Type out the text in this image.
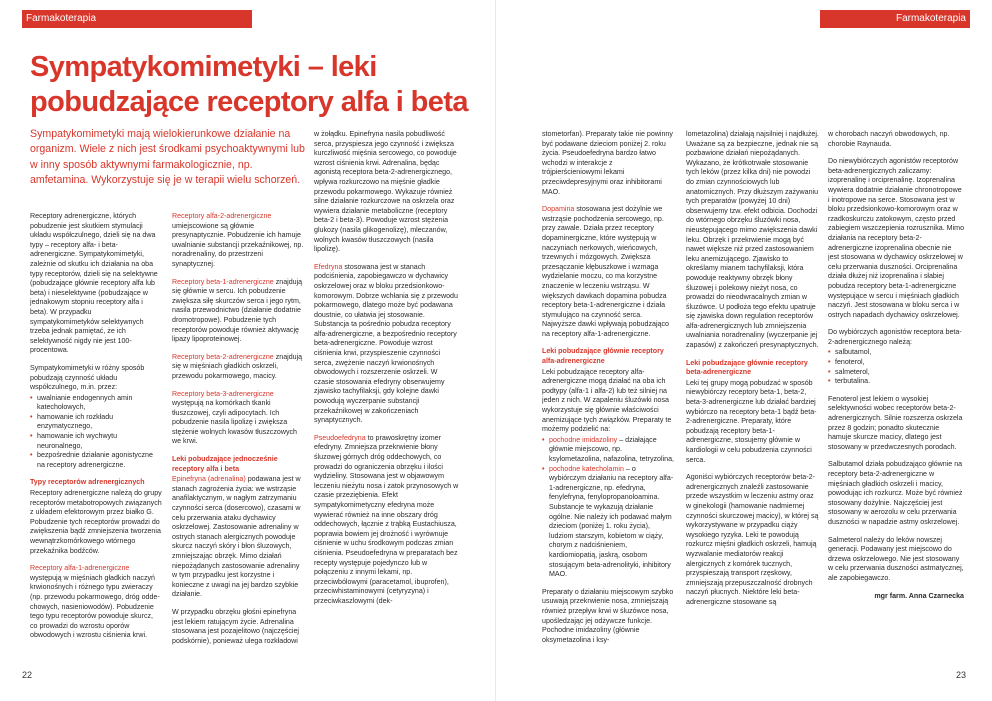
Farmakoterapia
Sympatykomimetyki – leki pobudzające receptory alfa i beta

Sympatykomimetyki mają wielokierunkowe działanie na organizm. Wiele z nich jest środkami psychoaktywnymi lub w inny sposób aktywnymi farmakologicznie, np. amfetamina. Wykorzystuje się je w terapii wielu schorzeń.

Receptory adrenergiczne, których pobudzenie jest skutkiem stymulacji układu współczulnego, dzieli się na dwa typy – receptory alfa- i beta-adrenergiczne. Sympatykomimetyki, zależnie od skutku ich działania na oba typy receptorów, dzieli się na selektywne (pobudzające głównie receptory alfa lub beta) i nieselektywne (pobudzające w jednakowym stopniu receptory alfa i beta). W przypadku sympatykomimetyków selektywnych trzeba jednak pamiętać, że ich selektywność nigdy nie jest 100-procentowa.

Sympatykomimetyki w różny sposób pobudzają czynność układu współczulnego, m.in. przez:

• uwalnianie endogennych amin katecholowych,
• hamowanie ich rozkładu enzymatycznego,
• hamowanie ich wychwytu neuronalnego,
• bezpośrednie działanie agonistyczne na receptory adrenergiczne.
Typy receptorów adrenergicznych

Receptory adrenergiczne należą do grupy receptorów metabotropowych związanych z układem efektorowym przez białko G. Pobudzenie tych receptorów prowadzi do zwiększenia bądź zmniejszenia tworzenia wewnątrzkomórkowego wtórnego przekaźnika bodźców.

Receptory alfa-1-adrenergiczne występują w mięśniach gładkich naczyń krwionośnych i różnego typu zwieraczy (np. przewodu pokarmowego, dróg oddechowych, nasieniowodów). Pobudzenie tego typu receptorów powoduje skurcz, co prowadzi do wzrostu oporów obwodowych i wzrostu ciśnienia krwi.

Receptory alfa-2-adrenergiczne umiejscowione są głównie presynaptycznie. Pobudzenie ich hamuje uwalnianie substancji przekaźnikowej, np. noradrenaliny, do przestrzeni synaptycznej.

Receptory beta-1-adrenergiczne znajdują się głównie w sercu. Ich pobudzenie zwiększa siłę skurczów serca i jego rytm, nasila przewodnictwo (działanie dodatnie dromotropowe). Pobudzenie tych receptorów powoduje również aktywację lipazy lipoproteinowej.

Receptory beta-2-adrenergiczne znajdują się w mięśniach gładkich oskrzeli, przewodu pokarmowego, macicy.

Receptory beta-3-adrenergiczne występują na komórkach tkanki tłuszczowej, czyli adipocytach. Ich pobudzenie nasila lipolizę i zwiększa stężenie wolnych kwasów tłuszczowych we krwi.

Leki pobudzające jednocześnie receptory alfa i beta

Epinefryna (adrenalina) podawana jest w stanach zagrożenia życia: we wstrząsie anafilaktycznym, w nagłym zatrzymaniu czynności serca (dosercowo), czasami w celu przerwania ataku dychawicy oskrzelowej. Zastosowanie adrenaliny w ostrych stanach alergicznych powoduje skurcz naczyń skóry i błon śluzowych, zmniejszając obrzęk. Mimo działań niepożądanych zastosowanie adrenaliny w tym przypadku jest korzystne i konieczne z uwagi na jej bardzo szybkie działanie.

W przypadku obrzęku głośni epinefryna jest lekiem ratującym życie. Adrenalina stosowana jest pozajelitowo (najczęściej podskórnie), ponieważ ulega rozkładowi

w żołądku. Epinefryna nasila pobudliwość serca, przyspiesza jego czynność i zwiększa kurczliwość mięśnia sercowego, co powoduje wzrost ciśnienia krwi. Adrenalina, będąc agonistą receptora beta-2-adrenergicznego, wpływa rozkurczowo na mięśnie gładkie przewodu pokarmowego. Wykazuje również silne działanie rozkurczowe na oskrzela oraz wywiera działanie metaboliczne (receptory beta-2 i beta-3). Powoduje wzrost stężenia glukozy (nasila glikogenolizę), mleczanów, wolnych kwasów tłuszczowych (nasila lipolizę).

Efedryna stosowana jest w stanach podciśnienia, zapobiegawczo w dychawicy oskrzelowej oraz w bloku przedsionkowo-komorowym. Dobrze wchłania się z przewodu pokarmowego, dlatego może być podawana doustnie, co ułatwia jej stosowanie. Substancja ta pośrednio pobudza receptory alfa-adrenergiczne, a bezpośrednio receptory beta-adrenergiczne. Powoduje wzrost ciśnienia krwi, przyspieszenie czynności serca, zwężenie naczyń krwionośnych obwodowych i rozszerzenie oskrzeli. W czasie stosowania efedryny obserwujemy zjawisko tachyfilaksji, gdy kolejne dawki powodują wyczerpanie substancji przekaźnikowej w zakończeniach synaptycznych.

Pseudoefedryna to prawoskrętny izomer efedryny. Zmniejsza przekrwienie błony śluzowej górnych dróg oddechowych, co prowadzi do ograniczenia obrzęku i ilości wydzieliny. Stosowana jest w objawowym leczeniu nieżytu nosa i zatok przynosowych w czasie przeziębienia. Efekt sympatykomimetyczny efedryna może wywierać również na inne obszary dróg oddechowych, łącznie z trąbką Eustachiusza, poprawia bowiem jej drożność i wyrównuje ciśnienie w uchu środkowym podczas zmian ciśnienia. Pseudoefedryna w preparatach bez recepty występuje pojedynczo lub w połączeniu z innymi lekami, np. przeciwbólowymi (paracetamol, ibuprofen), przeciwhistaminowymi (cetyryzyna) i przeciwkaszlowymi (dek-

22
Farmakoterapia

stometorfan). Preparaty takie nie powinny być podawane dzieciom poniżej 2. roku życia. Pseudoefedryna bardzo łatwo wchodzi w interakcje z trójpierścieniowymi lekami przeciwdepresyjnymi oraz inhibitorami MAO.

Dopamina stosowana jest dożylnie we wstrząsie pochodzenia sercowego, np. przy zawale. Działa przez receptory dopaminergiczne, które występują w naczyniach nerkowych, wieńcowych, trzewnych i mózgowych. Zwiększa przesączanie kłębuszkowe i wzmaga wydzielanie moczu, co ma korzystne znaczenie w leczeniu wstrząsu. W większych dawkach dopamina pobudza receptory beta-1-adrenergiczne i działa stymulująco na czynność serca. Najwyższe dawki wpływają pobudzająco na receptory alfa-1-adrenergiczne.

Leki pobudzające głównie receptory alfa-adrenergiczne

Leki pobudzające receptory alfa-adrenergiczne mogą działać na oba ich podtypy (alfa-1 i alfa-2) lub też silniej na jeden z nich. W zapaleniu śluzówki nosa wykorzystuje się głównie właściwości anemizujące tych związków. Preparaty te możemy podzielić na:

• pochodne imidazoliny – działające głównie miejscowo, np. ksylometazolina, nafazolina, tetryzolina,
• pochodne katecholamin – o wybiórczym działaniu na receptory alfa-1-adrenergiczne, np. efedryna, fenylefryna, fenylopropanoloamina. Substancje te wykazują działanie ogólne. Nie należy ich podawać małym dzieciom (poniżej 1. roku życia), ludziom starszym, kobietom w ciąży, chorym z nadciśnieniem, kardiomiopatią, jaskrą, osobom stosującym beta-adrenolityki, inhibitory MAO.

Preparaty o działaniu miejscowym szybko usuwają przekrwienie nosa, zmniejszają również przepływ krwi w śluzówce nosa, upośledzając jej odżywcze funkcje. Pochodne imidazoliny (głównie oksymetazolina i ksy-

lometazolina) działają najsilniej i najdłużej. Uważane są za bezpieczne, jednak nie są pozbawione działań niepożądanych. Wykazano, że krótkotrwałe stosowanie tych leków (przez kilka dni) nie powodzi do zmian czynnościowych lub anatomicznych. Przy dłuższym zażywaniu tych preparatów (powyżej 10 dni) obserwujemy tzw. efekt odbicia. Dochodzi do wtórnego obrzęku śluzówki nosa, nieustępującego mimo zwiększenia dawki leku. Obrzęk i przekrwienie mogą być nawet większe niż przed zastosowaniem leku anemizującego. Zjawisko to określamy mianem tachyfilaksji, która powoduje reaktywny obrzęk błony śluzowej i polekowy nieżyt nosa, co prowadzi do nieodwracalnych zmian w śluzówce. U podłoża tego efektu upatruje się zjawiska down regulation receptorów alfa-adrenergicznych lub zmniejszenia uwalniania noradrenaliny (wyczerpanie jej zapasów) z zakończeń presynaptycznych.

Leki pobudzające głównie receptory beta-adrenergiczne

Leki tej grupy mogą pobudzać w sposób niewybiórczy receptory beta-1, beta-2, beta-3-adrenergiczne lub działać bardziej wybiórczo na receptory beta-1 bądź beta-2-adrenergiczne. Preparaty, które pobudzają receptory beta-1-adrenergiczne, stosujemy głównie w kardiologii w celu pobudzenia czynności serca.

Agoniści wybiórczych receptorów beta-2-adrenergicznych znaleźli zastosowanie przede wszystkim w leczeniu astmy oraz w ginekologii (hamowanie nadmiernej czynności skurczowej macicy), w której są wykorzystywane w przypadku ciąży wysokiego ryzyka. Leki te powodują rozkurcz mięśni gładkich oskrzeli, hamują wyzwalanie mediatorów reakcji alergicznych z komórek tucznych, przyspieszają transport rzęskowy, zmniejszają przepuszczalność drobnych naczyń płucnych. Niektóre leki beta-adrenergiczne stosowane są

w chorobach naczyń obwodowych, np. chorobie Raynauda.

Do niewybiórczych agonistów receptorów beta-adrenergicznych zaliczamy: izoprenalinę i orciprenalinę. Izoprenalina wywiera dodatnie działanie chronotropowe i inotropowe na serce. Stosowana jest w bloku przedsionkowo-komorowym oraz w rzadkoskurczu zatokowym, często przed zabiegiem wszczepienia rozrusznika. Mimo działania na receptory beta-2-adrenergiczne izoprenalina obecnie nie jest stosowana w dychawicy oskrzelowej w celu przerwania duszności. Orciprenalina działa dłużej niż izoprenalina i słabiej pobudza receptory beta-1-adrenergiczne występujące w sercu i mięśniach gładkich naczyń. Jest stosowana w bloku serca i w ostrych napadach dychawicy oskrzelowej.

Do wybiórczych agonistów receptora beta-2-adrenergicznego należą:

• salbutamol,
• fenoterol,
• salmeterol,
• terbutalina.

Fenoterol jest lekiem o wysokiej selektywności wobec receptorów beta-2-adrenergicznych. Silnie rozszerza oskrzela przez 8 godzin; ponadto skutecznie hamuje skurcze macicy, dlatego jest stosowany w przedwczesnych porodach.

Salbutamol działa pobudzająco głównie na receptory beta-2-adrenergiczne w mięśniach gładkich oskrzeli i macicy, powodując ich rozkurcz. Może być również stosowany dożylnie. Najczęściej jest stosowany w aerozolu w celu przerwania duszności w napadzie astmy oskrzelowej.

Salmeterol należy do leków nowszej generacji. Podawany jest miejscowo do drzewa oskrzelowego. Nie jest stosowany w celu przerwania duszności astmatycznej, ale zapobiegawczo.

mgr farm. Anna Czarnecka
23
